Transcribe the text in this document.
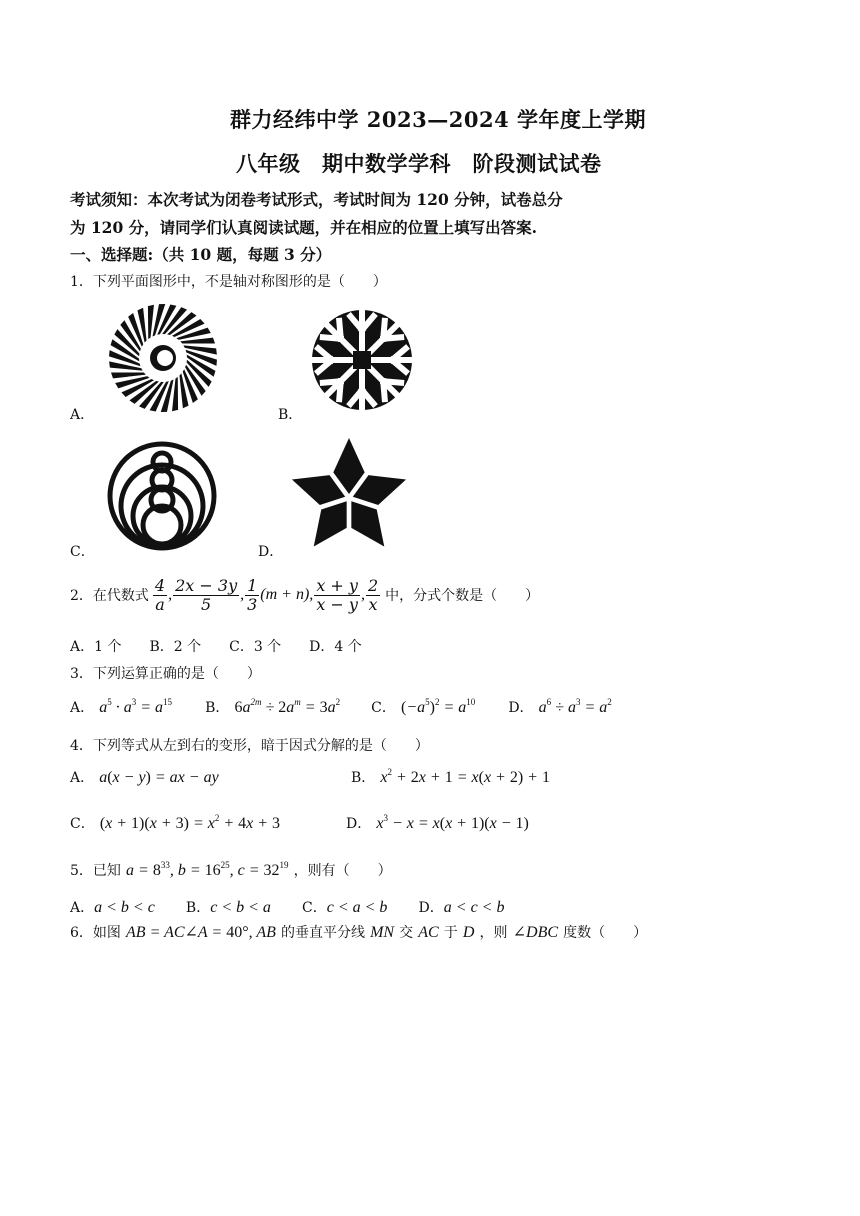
群力经纬中学 2023—2024 学年度上学期
八年级　期中数学学科　阶段测试试卷
考试须知：本次考试为闭卷考试形式，考试时间为 120 分钟，试卷总分
为 120 分，请同学们认真阅读试题，并在相应的位置上填写出答案.
一、选择题:（共 10 题，每题 3 分）
1．下列平面图形中，不是轴对称图形的是（　　）
A．	B．
C．	D．
2．在代数式 $\frac{4}{a}$ , $\frac{2x - 3y}{5}$ , $\frac{1}{3} (m + n)$, $\frac{x + y}{x - y}$ , $\frac{2}{x}$ 中，分式个数是（　　）
A．1 个　　B．2 个　　C．3 个　　D．4 个
3．下列运算正确的是（　　）
A． $a^5 \cdot a^3 = a^{15}$ B． $6a^{2m} \div 2a^m = 3a^2$ C． $(-a^5)^2 = a^{10}$ D． $a^6 \div a^3 = a^2$
4．下列等式从左到右的变形，暗于因式分解的是（　　）
A． a(x − y) = ax − ay	B． $x^2 + 2x + 1 = x(x + 2) + 1$
C． $(x + 1)(x + 3) = x^2 + 4x + 3$	D． $x^3 - x = x(x + 1)(x - 1)$
5．已知 $a = 8^{33}$, $b = 16^{25}$, $c = 32^{19}$ ，则有（　　）
A．a < b < c B．c < b < a C．c < a < b D．a < c < b
6．如图 AB = AC∠A = 40°, AB 的垂直平分线 MN 交 AC 于 D ，则 ∠DBC 度数（　　）
